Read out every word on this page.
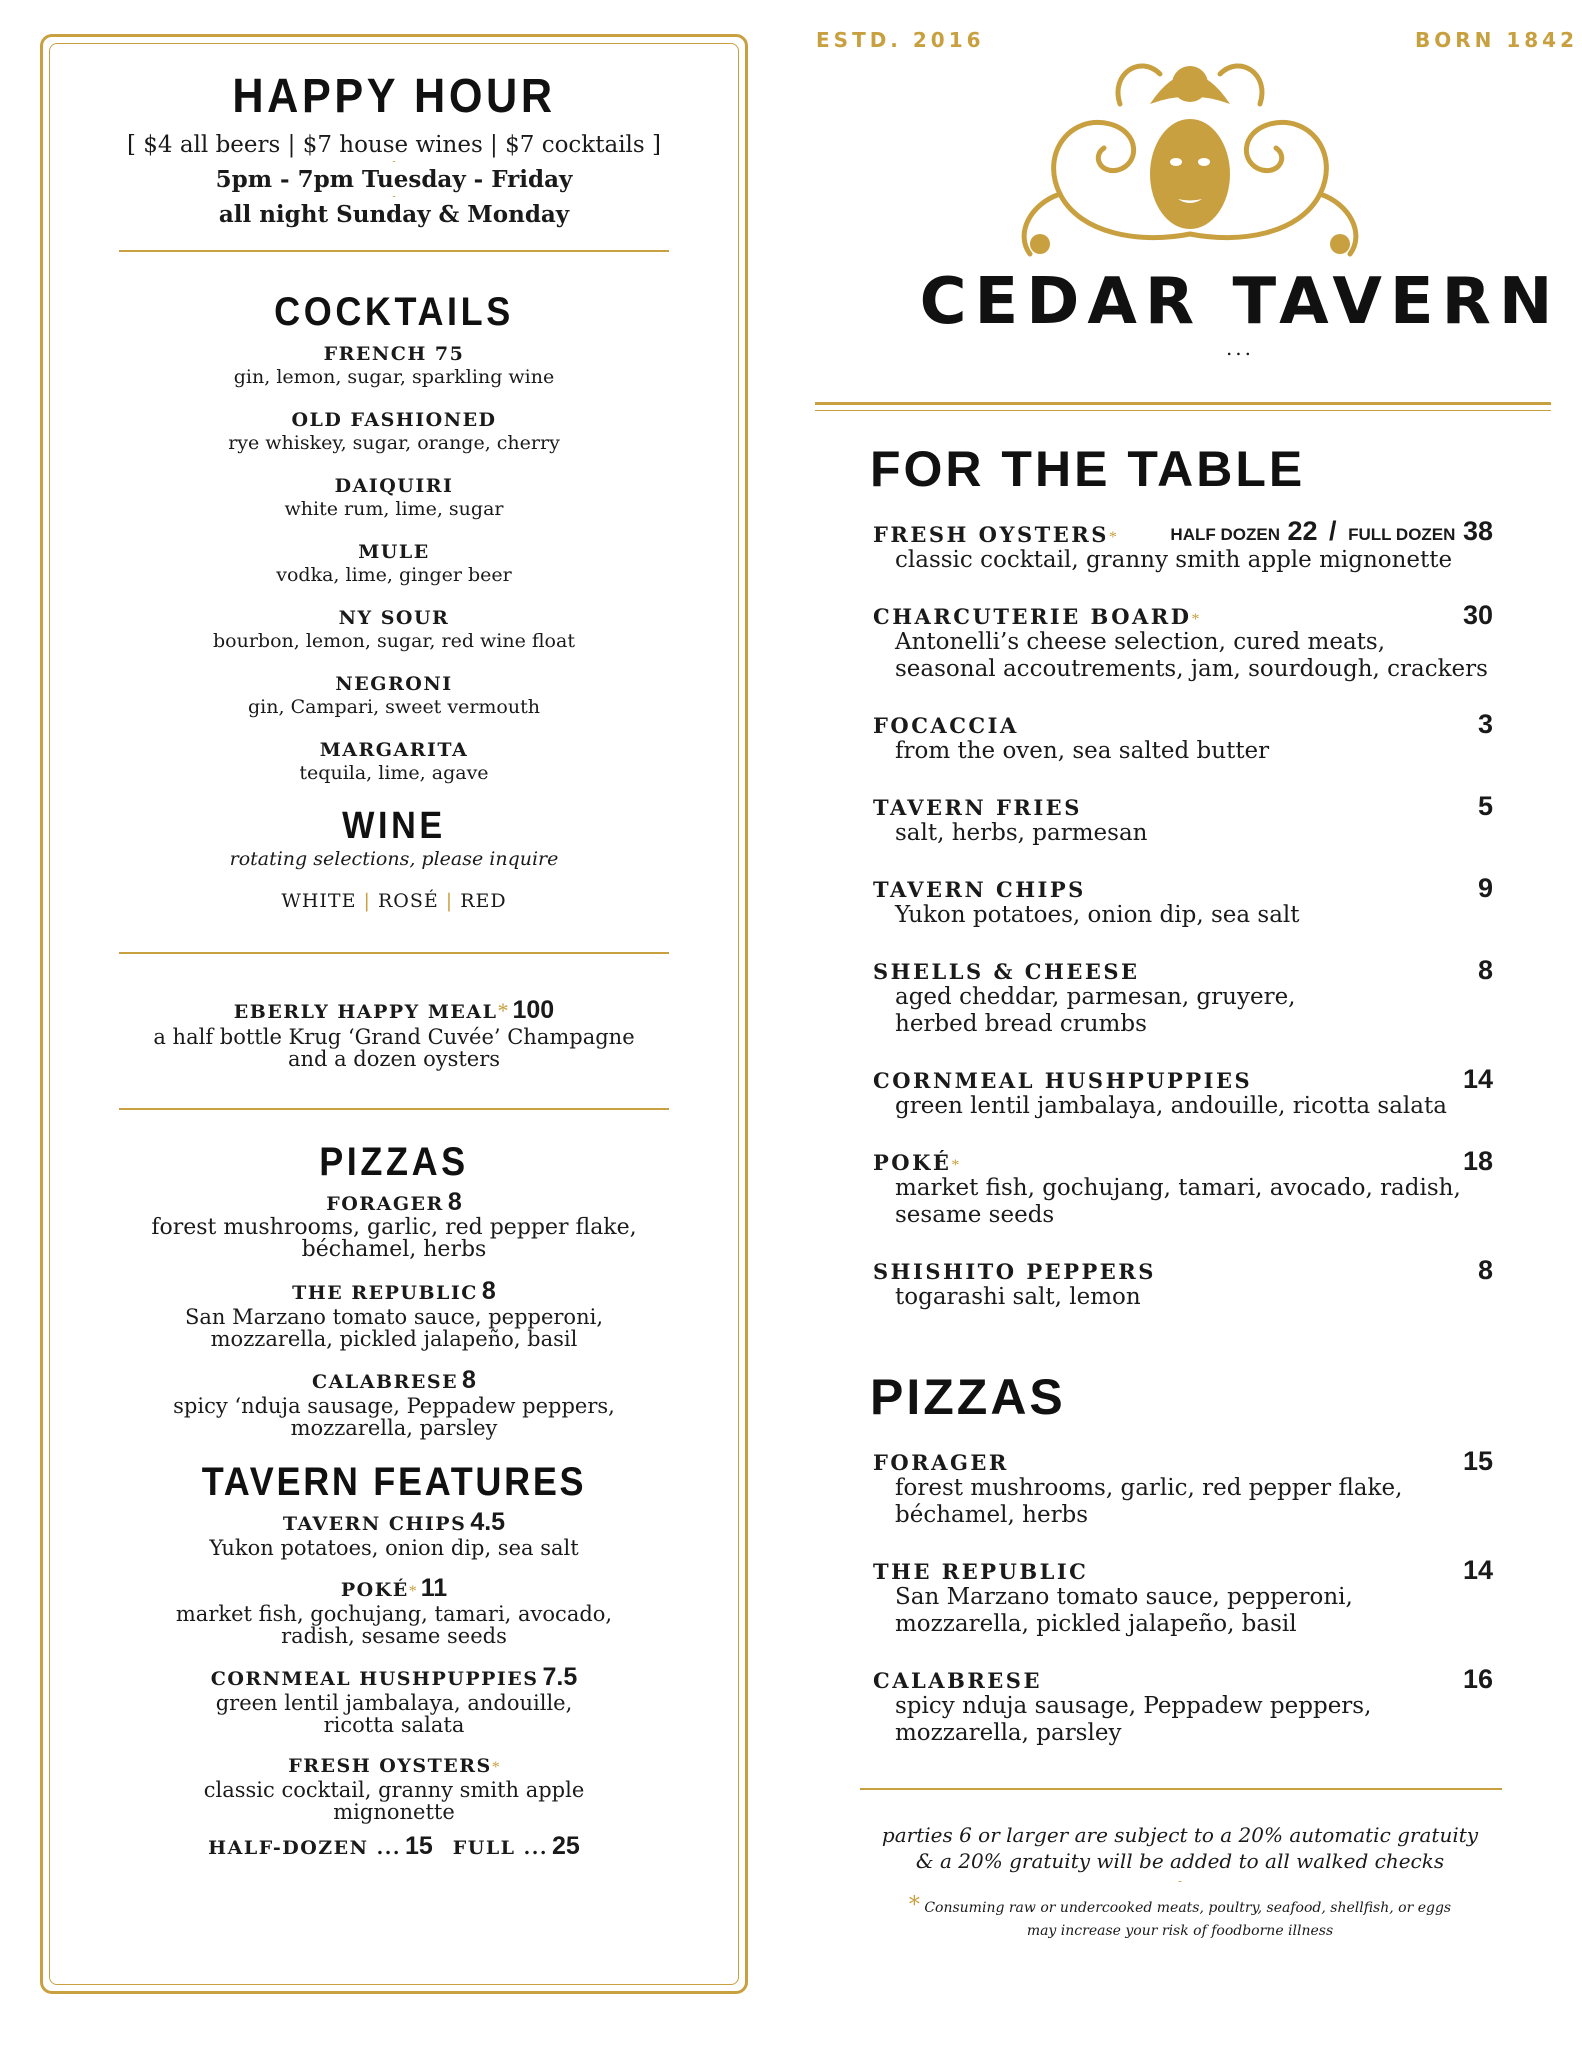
HAPPY HOUR
[ $4 all beers | $7 house wines | $7 cocktails ]
-
5pm - 7pm Tuesday - Friday
-
all night Sunday & Monday
COCKTAILS
FRENCH 75
gin, lemon, sugar, sparkling wine
OLD FASHIONED
rye whiskey, sugar, orange, cherry
DAIQUIRI
white rum, lime, sugar
MULE
vodka, lime, ginger beer
NY SOUR
bourbon, lemon, sugar, red wine float
NEGRONI
gin, Campari, sweet vermouth
MARGARITA
tequila, lime, agave
WINE
rotating selections, please inquire
WHITE | ROSÉ | RED
EBERLY HAPPY MEAL* 100
a half bottle Krug ‘Grand Cuvée’ Champagne
and a dozen oysters
PIZZAS
FORAGER 8
forest mushrooms, garlic, red pepper flake,
béchamel, herbs
THE REPUBLIC 8
San Marzano tomato sauce, pepperoni,
mozzarella, pickled jalapeño, basil
CALABRESE 8
spicy ‘nduja sausage, Peppadew peppers,
mozzarella, parsley
TAVERN FEATURES
TAVERN CHIPS 4.5
Yukon potatoes, onion dip, sea salt
POKÉ* 11
market fish, gochujang, tamari, avocado,
radish, sesame seeds
CORNMEAL HUSHPUPPIES 7.5
green lentil jambalaya, andouille,
ricotta salata
FRESH OYSTERS*
classic cocktail, granny smith apple
mignonette
HALF-DOZEN ... 15 FULL ... 25
ESTD. 2016	BORN 1842
CEDAR TAVERN
...
FOR THE TABLE
FRESH OYSTERS*	HALF DOZEN 22 / FULL DOZEN 38
classic cocktail, granny smith apple mignonette
CHARCUTERIE BOARD*	30
Antonelli’s cheese selection, cured meats,
seasonal accoutrements, jam, sourdough, crackers
FOCACCIA	3
from the oven, sea salted butter
TAVERN FRIES	5
salt, herbs, parmesan
TAVERN CHIPS	9
Yukon potatoes, onion dip, sea salt
SHELLS & CHEESE	8
aged cheddar, parmesan, gruyere,
herbed bread crumbs
CORNMEAL HUSHPUPPIES	14
green lentil jambalaya, andouille, ricotta salata
POKÉ*	18
market fish, gochujang, tamari, avocado, radish,
sesame seeds
SHISHITO PEPPERS	8
togarashi salt, lemon
PIZZAS
FORAGER	15
forest mushrooms, garlic, red pepper flake,
béchamel, herbs
THE REPUBLIC	14
San Marzano tomato sauce, pepperoni,
mozzarella, pickled jalapeño, basil
CALABRESE	16
spicy nduja sausage, Peppadew peppers,
mozzarella, parsley
parties 6 or larger are subject to a 20% automatic gratuity
& a 20% gratuity will be added to all walked checks
-
* Consuming raw or undercooked meats, poultry, seafood, shellfish, or eggs
may increase your risk of foodborne illness
